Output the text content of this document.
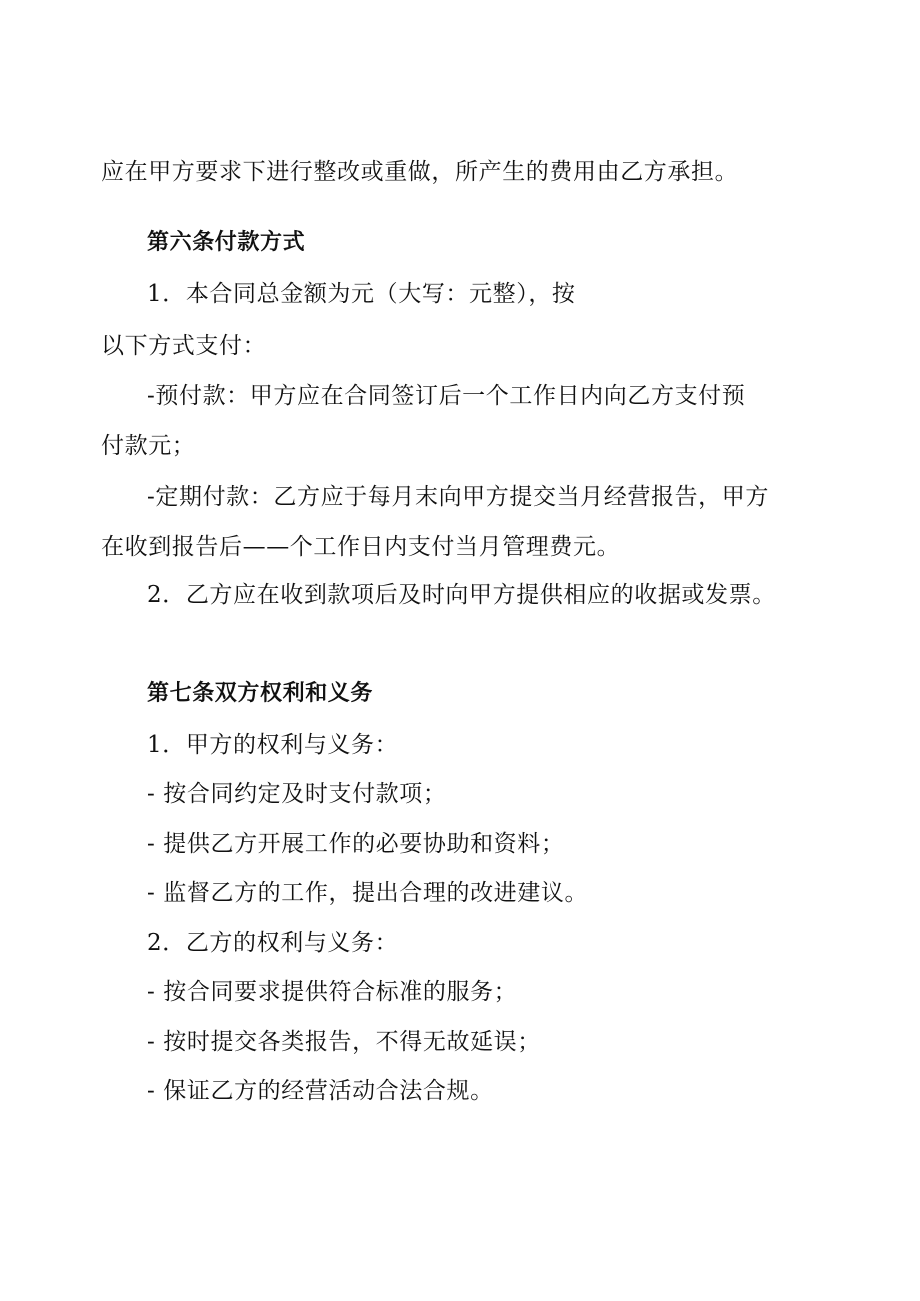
应在甲方要求下进行整改或重做，所产生的费用由乙方承担。
第六条付款方式
1．本合同总金额为元（大写：元整），按
以下方式支付：
-预付款：甲方应在合同签订后一个工作日内向乙方支付预
付款元；
-定期付款：乙方应于每月末向甲方提交当月经营报告，甲方
在收到报告后——个工作日内支付当月管理费元。
2．乙方应在收到款项后及时向甲方提供相应的收据或发票。
第七条双方权利和义务
1．甲方的权利与义务：
- 按合同约定及时支付款项；
- 提供乙方开展工作的必要协助和资料；
- 监督乙方的工作，提出合理的改进建议。
2．乙方的权利与义务：
- 按合同要求提供符合标准的服务；
- 按时提交各类报告，不得无故延误；
- 保证乙方的经营活动合法合规。
